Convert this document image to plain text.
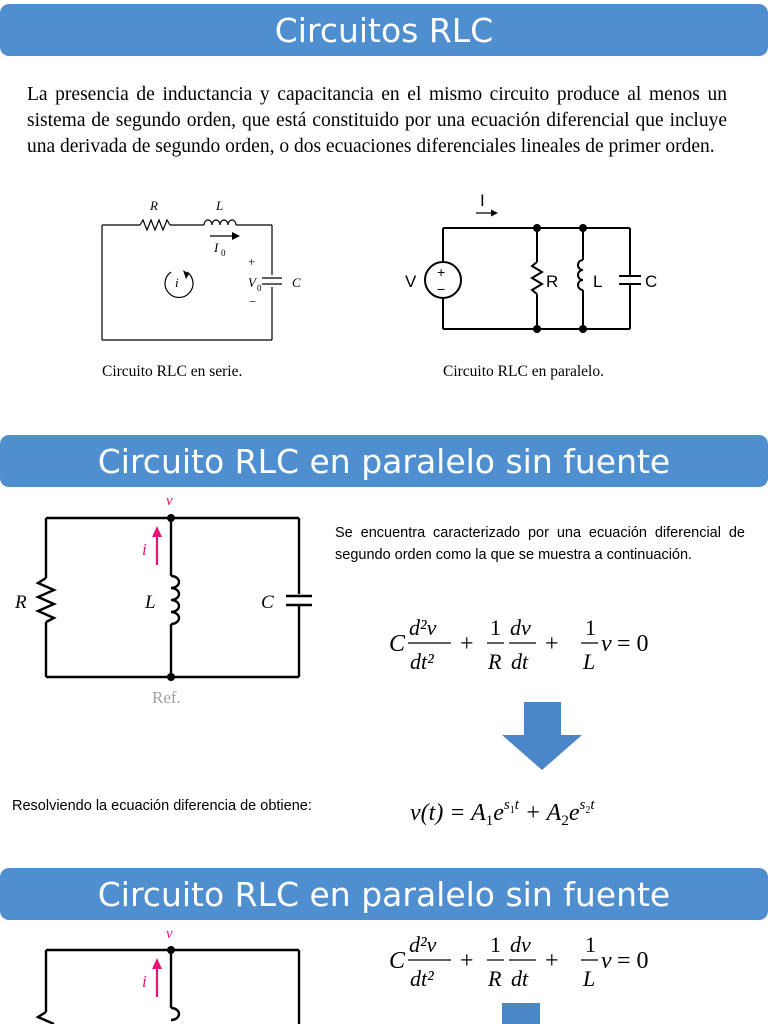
Circuitos RLC
La presencia de inductancia y capacitancia en el mismo circuito produce al menos un sistema de segundo orden, que está constituido por una ecuación diferencial que incluye una derivada de segundo orden, o dos ecuaciones diferenciales lineales de primer orden.
R	L
I 0
i
+
V 0
−
C
I
V +
−	R L	C
Circuito RLC en serie.	Circuito RLC en paralelo.
Circuito RLC en paralelo sin fuente
v
i
R	L	C
Ref.
Se encuentra caracterizado por una ecuación diferencial de segundo orden como la que se muestra a continuación.
C
d²v
dt²
+
1
R
dv
dt
+
1
L
v = 0
Resolviendo la ecuación diferencia de obtiene:	$v(t) = A_1e^s1t + A_2e^s2t$
Circuito RLC en paralelo sin fuente
v
i
C
d²v
dt²
+
1
R
dv
dt
+
1
L
v = 0
